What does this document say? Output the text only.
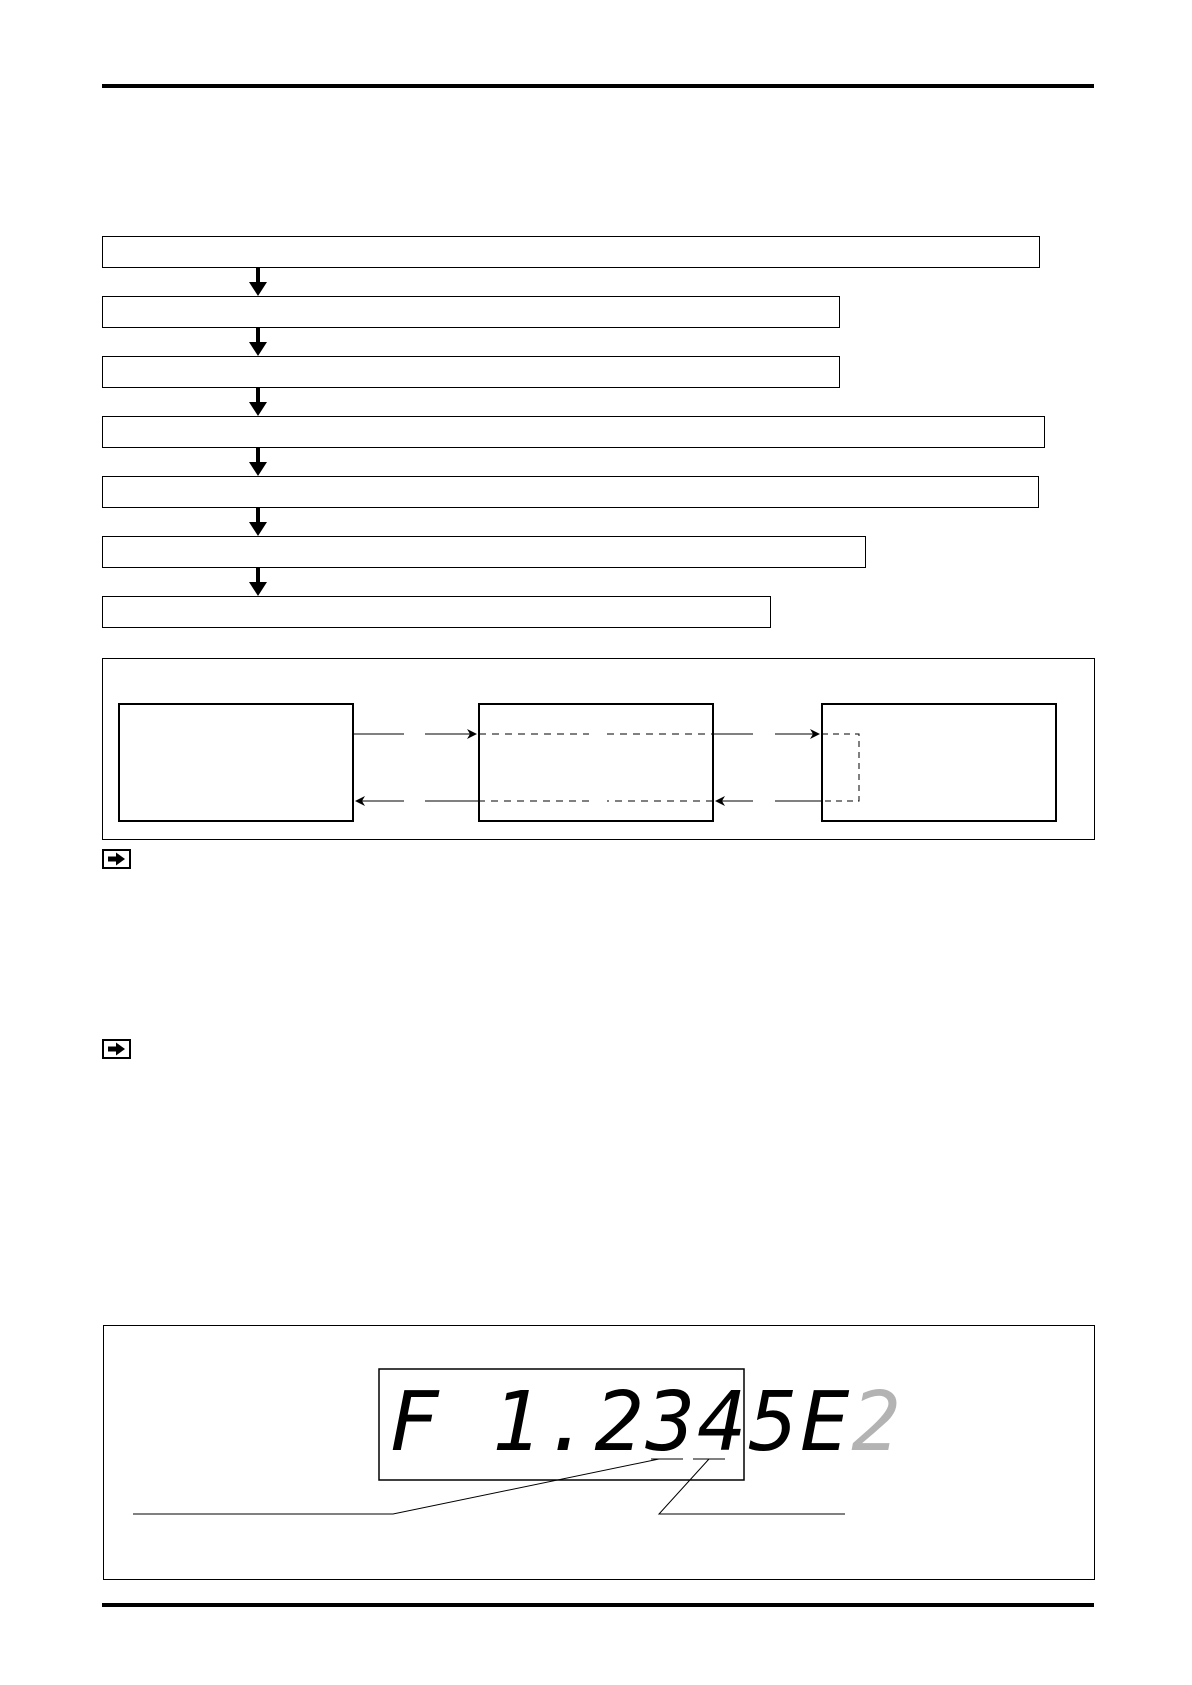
F 1.2345E2
